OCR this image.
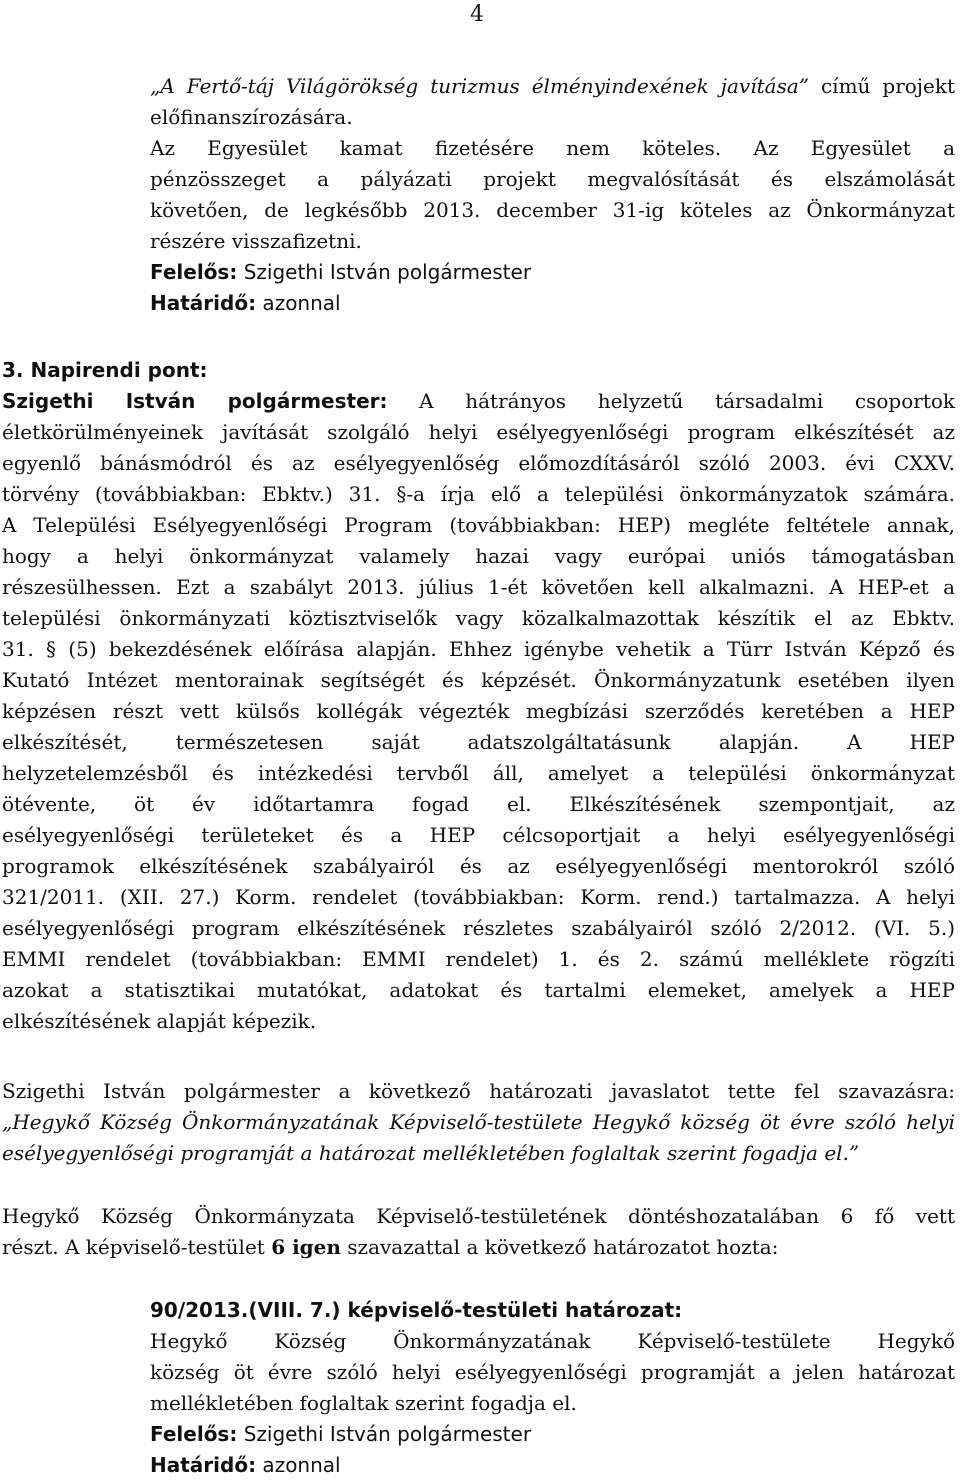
4
„A Fertő-táj Világörökség turizmus élményindexének javítása” című projekt
előfinanszírozására.
Az Egyesület kamat fizetésére nem köteles. Az Egyesület a
pénzösszeget a pályázati projekt megvalósítását és elszámolását
követően, de legkésőbb 2013. december 31-ig köteles az Önkormányzat
részére visszafizetni.
Felelős: Szigethi István polgármester
Határidő: azonnal
3. Napirendi pont:
Szigethi István polgármester: A hátrányos helyzetű társadalmi csoportok
életkörülményeinek javítását szolgáló helyi esélyegyenlőségi program elkészítését az
egyenlő bánásmódról és az esélyegyenlőség előmozdításáról szóló 2003. évi CXXV.
törvény (továbbiakban: Ebktv.) 31. §-a írja elő a települési önkormányzatok számára.
A Települési Esélyegyenlőségi Program (továbbiakban: HEP) megléte feltétele annak,
hogy a helyi önkormányzat valamely hazai vagy európai uniós támogatásban
részesülhessen. Ezt a szabályt 2013. július 1-ét követően kell alkalmazni. A HEP-et a
települési önkormányzati köztisztviselők vagy közalkalmazottak készítik el az Ebktv.
31. § (5) bekezdésének előírása alapján. Ehhez igénybe vehetik a Türr István Képző és
Kutató Intézet mentorainak segítségét és képzését. Önkormányzatunk esetében ilyen
képzésen részt vett külsős kollégák végezték megbízási szerződés keretében a HEP
elkészítését, természetesen saját adatszolgáltatásunk alapján. A HEP
helyzetelemzésből és intézkedési tervből áll, amelyet a települési önkormányzat
ötévente, öt év időtartamra fogad el. Elkészítésének szempontjait, az
esélyegyenlőségi területeket és a HEP célcsoportjait a helyi esélyegyenlőségi
programok elkészítésének szabályairól és az esélyegyenlőségi mentorokról szóló
321/2011. (XII. 27.) Korm. rendelet (továbbiakban: Korm. rend.) tartalmazza. A helyi
esélyegyenlőségi program elkészítésének részletes szabályairól szóló 2/2012. (VI. 5.)
EMMI rendelet (továbbiakban: EMMI rendelet) 1. és 2. számú melléklete rögzíti
azokat a statisztikai mutatókat, adatokat és tartalmi elemeket, amelyek a HEP
elkészítésének alapját képezik.
Szigethi István polgármester a következő határozati javaslatot tette fel szavazásra:
„Hegykő Község Önkormányzatának Képviselő-testülete Hegykő község öt évre szóló helyi
esélyegyenlőségi programját a határozat mellékletében foglaltak szerint fogadja el.”
Hegykő Község Önkormányzata Képviselő-testületének döntéshozatalában 6 fő vett
részt. A képviselő-testület 6 igen szavazattal a következő határozatot hozta:
90/2013.(VIII. 7.) képviselő-testületi határozat:
Hegykő Község Önkormányzatának Képviselő-testülete Hegykő
község öt évre szóló helyi esélyegyenlőségi programját a jelen határozat
mellékletében foglaltak szerint fogadja el.
Felelős: Szigethi István polgármester
Határidő: azonnal
